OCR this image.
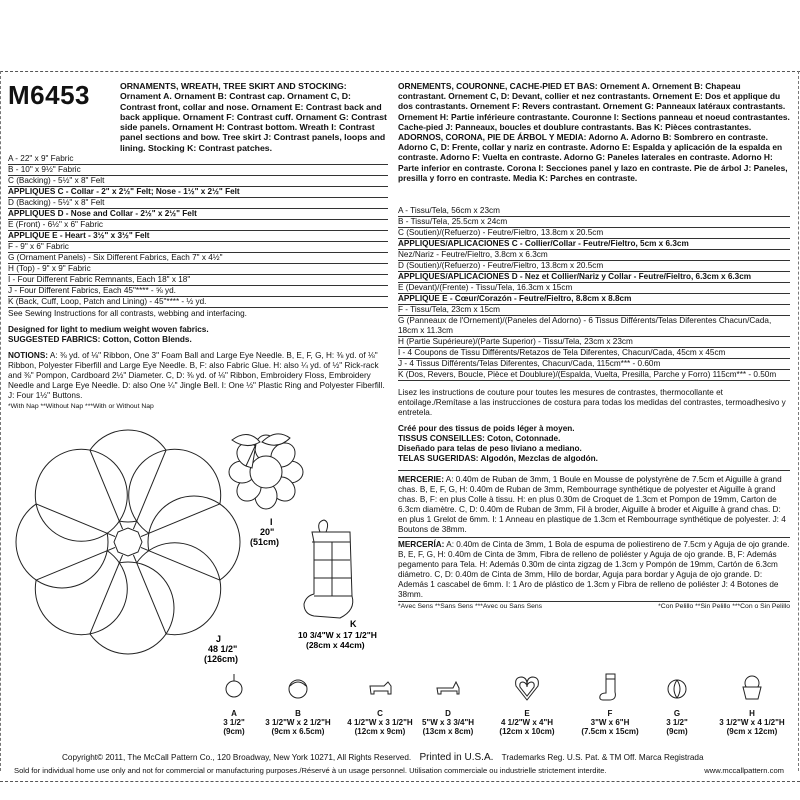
M6453	ORNAMENTS, WREATH, TREE SKIRT AND STOCKING: Ornament A. Ornament B: Contrast cap. Ornament C, D: Contrast front, collar and nose. Ornament E: Contrast back and back applique. Ornament F: Contrast cuff. Ornament G: Contrast side panels. Ornament H: Contrast bottom. Wreath I: Contrast panel sections and bow. Tree skirt J: Contrast panels, loops and lining. Stocking K: Contrast patches.
ORNEMENTS, COURONNE, CACHE-PIED ET BAS: Ornement A. Ornement B: Chapeau contrastant. Ornement C, D: Devant, collier et nez contrastants. Ornement E: Dos et applique du dos contrastants. Ornement F: Revers contrastant. Ornement G: Panneaux latéraux contrastants. Ornement H: Partie inférieure contrastante. Couronne I: Sections panneau et noeud contrastantes. Cache-pied J: Panneaux, boucles et doublure contrastants. Bas K: Pièces contrastantes. ADORNOS, CORONA, PIE DE ÁRBOL Y MEDIA: Adorno A. Adorno B: Sombrero en contraste. Adorno C, D: Frente, collar y nariz en contraste. Adorno E: Espalda y aplicación de la espalda en contraste. Adorno F: Vuelta en contraste. Adorno G: Paneles laterales en contraste. Adorno H: Parte inferior en contraste. Corona I: Secciones panel y lazo en contraste. Pie de árbol J: Paneles, presilla y forro en contraste. Media K: Parches en contraste.
A - 22" x 9" Fabric
B - 10" x 9½" Fabric
C (Backing) - 5½" x 8" Felt
APPLIQUES C - Collar - 2" x 2½" Felt; Nose - 1½" x 2½" Felt
D (Backing) - 5½" x 8" Felt
APPLIQUES D - Nose and Collar - 2½" x 2½" Felt
E (Front) - 6½" x 6" Fabric
APPLIQUE E - Heart - 3½" x 3½" Felt
F - 9" x 6" Fabric
G (Ornament Panels) - Six Different Fabrics, Each 7" x 4½"
H (Top) - 9" x 9" Fabric
I - Four Different Fabric Remnants, Each 18" x 18"
J - Four Different Fabrics, Each 45"**** - ⅝ yd.
K (Back, Cuff, Loop, Patch and Lining) - 45"**** - ½ yd.
A - Tissu/Tela, 56cm x 23cm
B - Tissu/Tela, 25.5cm x 24cm
C (Soutien)/(Refuerzo) - Feutre/Fieltro, 13.8cm x 20.5cm
APPLIQUES/APLICACIONES C - Collier/Collar - Feutre/Fieltro, 5cm x 6.3cm
Nez/Nariz - Feutre/Fieltro, 3.8cm x 6.3cm
D (Soutien)/(Refuerzo) - Feutre/Fieltro, 13.8cm x 20.5cm
APPLIQUES/APLICACIONES D - Nez et Collier/Nariz y Collar - Feutre/Fieltro, 6.3cm x 6.3cm
E (Devant)/(Frente) - Tissu/Tela, 16.3cm x 15cm
APPLIQUE E - Cœur/Corazón - Feutre/Fieltro, 8.8cm x 8.8cm
F - Tissu/Tela, 23cm x 15cm
G (Panneaux de l'Ornement)/(Paneles del Adorno) - 6 Tissus Différents/Telas Diferentes Chacun/Cada, 18cm x 11.3cm
H (Partie Supérieure)/(Parte Superior) - Tissu/Tela, 23cm x 23cm
I - 4 Coupons de Tissu Différents/Retazos de Tela Diferentes, Chacun/Cada, 45cm x 45cm
J - 4 Tissus Différents/Telas Diferentes, Chacun/Cada, 115cm*** - 0.60m
K (Dos, Revers, Boucle, Pièce et Doublure)/(Espalda, Vuelta, Presilla, Parche y Forro) 115cm*** - 0.50m
See Sewing Instructions for all contrasts, webbing and interfacing.
Designed for light to medium weight woven fabrics.
SUGGESTED FABRICS: Cotton, Cotton Blends.
NOTIONS: A: ⅜ yd. of ⅛" Ribbon, One 3" Foam Ball and Large Eye Needle. B, E, F, G, H: ⅜ yd. of ⅛" Ribbon, Polyester Fiberfill and Large Eye Needle. B, F: also Fabric Glue. H: also ¼ yd. of ½" Rick-rack and ⅜" Pompon, Cardboard 2½" Diameter. C, D: ⅜ yd. of ⅛" Ribbon, Embroidery Floss, Embroidery Needle and Large Eye Needle. D: also One ¼" Jingle Bell. I: One ½" Plastic Ring and Polyester Fiberfill. J: Four 1½" Buttons.
*With Nap **Without Nap ***With or Without Nap
Lisez les instructions de couture pour toutes les mesures de contrastes, thermocollante et entoilage./Remítase a las instrucciones de costura para todas los medidas del contrastes, termoadhesivo y entretela.
Créé pour des tissus de poids léger à moyen.
TISSUS CONSEILLES: Coton, Cotonnade.
Diseñado para telas de peso liviano a mediano.
TELAS SUGERIDAS: Algodón, Mezclas de algodón.
MERCERIE: A: 0.40m de Ruban de 3mm, 1 Boule en Mousse de polystyrène de 7.5cm et Aiguille à grand chas. B, E, F, G, H: 0.40m de Ruban de 3mm, Rembourrage synthétique de polyester et Aiguille à grand chas. B, F: en plus Colle à tissu. H: en plus 0.30m de Croquet de 1.3cm et Pompon de 19mm, Carton de 6.3cm diamètre. C, D: 0.40m de Ruban de 3mm, Fil à broder, Aiguille à broder et Aiguille à grand chas. D: en plus 1 Grelot de 6mm. I: 1 Anneau en plastique de 1.3cm et Rembourrage synthétique de polyester. J: 4 Boutons de 38mm.
MERCERÍA: A: 0.40m de Cinta de 3mm, 1 Bola de espuma de poliestireno de 7.5cm y Aguja de ojo grande. B, E, F, G, H: 0.40m de Cinta de 3mm, Fibra de relleno de poliéster y Aguja de ojo grande. B, F: Además pegamento para Tela. H: Además 0.30m de cinta zigzag de 1.3cm y Pompón de 19mm, Cartón de 6.3cm diámetro. C, D: 0.40m de Cinta de 3mm, Hilo de bordar, Aguja para bordar y Aguja de ojo grande. D: Además 1 cascabel de 6mm. I: 1 Aro de plástico de 1.3cm y Fibra de relleno de poliéster J: 4 Botones de 38mm.
*Avec Sens **Sans Sens ***Avec ou Sans Sens	*Con Pelillo **Sin Pelillo ***Con o Sin Pelillo
I
20"
(51cm)
K
10 3/4"W x 17 1/2"H
(28cm x 44cm)
J
48 1/2"
(126cm)
A
3 1/2"
(9cm)
B
3 1/2"W x 2 1/2"H
(9cm x 6.5cm)
C
4 1/2"W x 3 1/2"H
(12cm x 9cm)
D
5"W x 3 3/4"H
(13cm x 8cm)
E
4 1/2"W x 4"H
(12cm x 10cm)
F
3"W x 6"H
(7.5cm x 15cm)
G
3 1/2"
(9cm)
H
3 1/2"W x 4 1/2"H
(9cm x 12cm)
Copyright© 2011, The McCall Pattern Co., 120 Broadway, New York 10271, All Rights Reserved. Printed in U.S.A. Trademarks Reg. U.S. Pat. & TM Off. Marca Registrada
Sold for individual home use only and not for commercial or manufacturing purposes./Réservé à un usage personnel. Utilisation commerciale ou industrielle strictement interdite.	www.mccallpattern.com
